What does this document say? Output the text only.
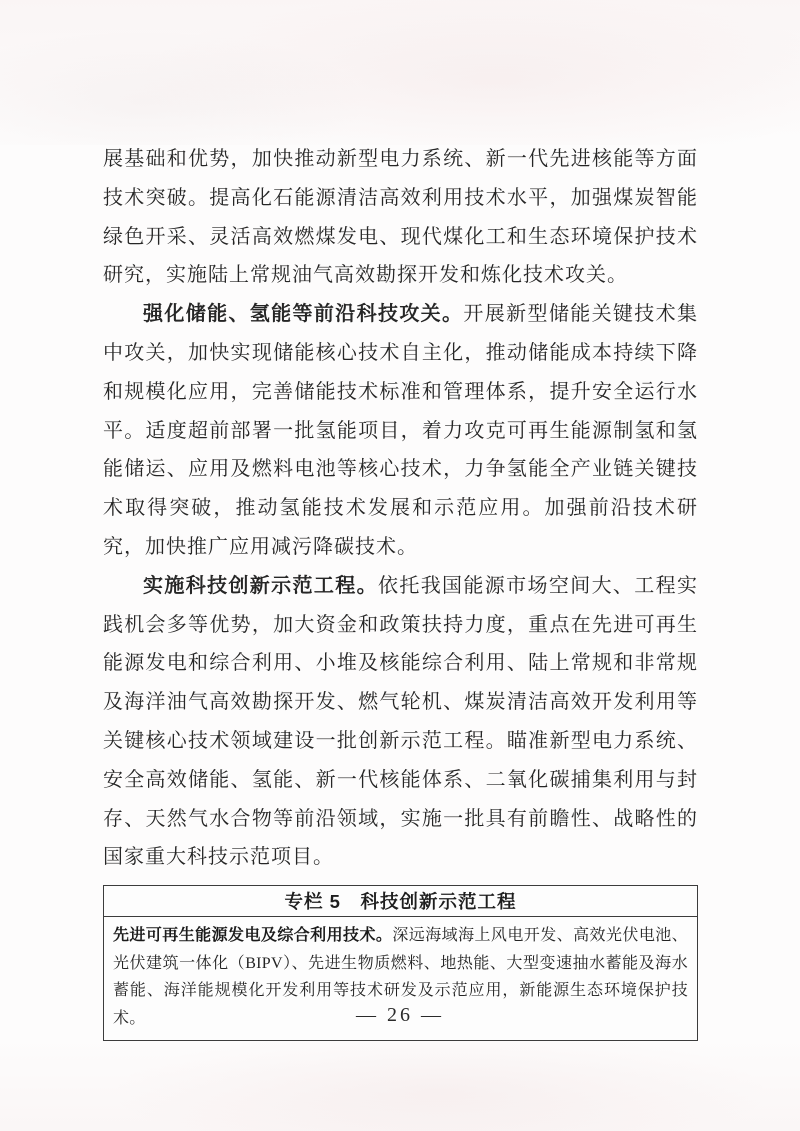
展基础和优势，加快推动新型电力系统、新一代先进核能等方面技术突破。提高化石能源清洁高效利用技术水平，加强煤炭智能绿色开采、灵活高效燃煤发电、现代煤化工和生态环境保护技术研究，实施陆上常规油气高效勘探开发和炼化技术攻关。

强化储能、氢能等前沿科技攻关。开展新型储能关键技术集中攻关，加快实现储能核心技术自主化，推动储能成本持续下降和规模化应用，完善储能技术标准和管理体系，提升安全运行水平。适度超前部署一批氢能项目，着力攻克可再生能源制氢和氢能储运、应用及燃料电池等核心技术，力争氢能全产业链关键技术取得突破，推动氢能技术发展和示范应用。加强前沿技术研究，加快推广应用减污降碳技术。

实施科技创新示范工程。依托我国能源市场空间大、工程实践机会多等优势，加大资金和政策扶持力度，重点在先进可再生能源发电和综合利用、小堆及核能综合利用、陆上常规和非常规及海洋油气高效勘探开发、燃气轮机、煤炭清洁高效开发利用等关键核心技术领域建设一批创新示范工程。瞄准新型电力系统、安全高效储能、氢能、新一代核能体系、二氧化碳捕集利用与封存、天然气水合物等前沿领域，实施一批具有前瞻性、战略性的国家重大科技示范项目。

专栏 5　科技创新示范工程
先进可再生能源发电及综合利用技术。深远海域海上风电开发、高效光伏电池、光伏建筑一体化（BIPV）、先进生物质燃料、地热能、大型变速抽水蓄能及海水蓄能、海洋能规模化开发利用等技术研发及示范应用，新能源生态环境保护技术。	— 26 —
